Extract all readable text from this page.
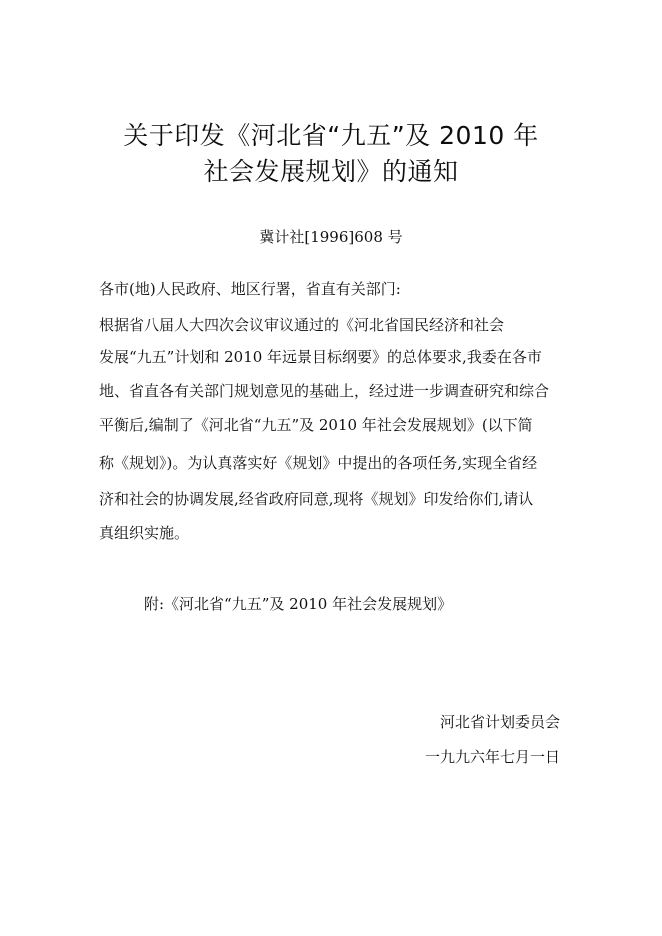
关于印发《河北省“九五”及 2010 年
社会发展规划》的通知
冀计社[1996]608 号
各市(地)人民政府、地区行署，省直有关部门:
根据省八届人大四次会议审议通过的《河北省国民经济和社会
发展“九五”计划和 2010 年远景目标纲要》的总体要求,我委在各市
地、省直各有关部门规划意见的基础上，经过进一步调查研究和综合
平衡后,编制了《河北省“九五”及 2010 年社会发展规划》(以下简
称《规划》)。为认真落实好《规划》中提出的各项任务,实现全省经
济和社会的协调发展,经省政府同意,现将《规划》印发给你们,请认
真组织实施。
附:《河北省“九五”及 2010 年社会发展规划》
河北省计划委员会
一九九六年七月一日
